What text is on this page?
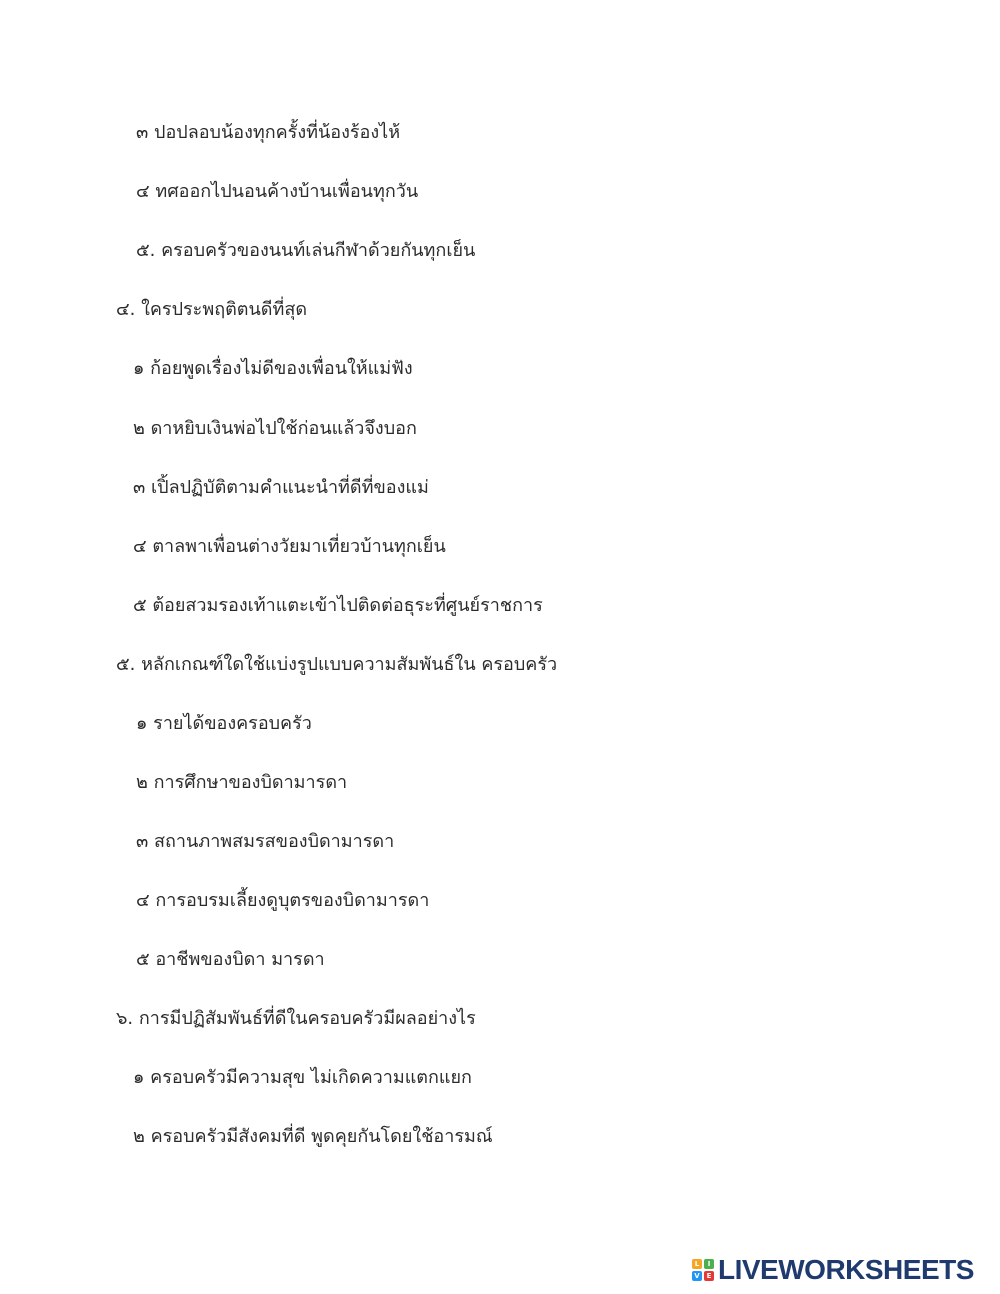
๓ ปอปลอบน้องทุกครั้งที่น้องร้องไห้
๔ ทศออกไปนอนค้างบ้านเพื่อนทุกวัน
๕. ครอบครัวของนนท์เล่นกีฬาด้วยกันทุกเย็น
๔. ใครประพฤติตนดีที่สุด
๑ ก้อยพูดเรื่องไม่ดีของเพื่อนให้แม่ฟัง
๒ ดาหยิบเงินพ่อไปใช้ก่อนแล้วจึงบอก
๓ เปิ้ลปฏิบัติตามคำแนะนำที่ดีที่ของแม่
๔ ตาลพาเพื่อนต่างวัยมาเที่ยวบ้านทุกเย็น
๕ ต้อยสวมรองเท้าแตะเข้าไปติดต่อธุระที่ศูนย์ราชการ
๕. หลักเกณฑ์ใดใช้แบ่งรูปแบบความสัมพันธ์ใน ครอบครัว
๑ รายได้ของครอบครัว
๒ การศึกษาของบิดามารดา
๓ สถานภาพสมรสของบิดามารดา
๔ การอบรมเลี้ยงดูบุตรของบิดามารดา
๕ อาชีพของบิดา มารดา
๖. การมีปฏิสัมพันธ์ที่ดีในครอบครัวมีผลอย่างไร
๑ ครอบครัวมีความสุข ไม่เกิดความแตกแยก
๒ ครอบครัวมีสังคมที่ดี พูดคุยกันโดยใช้อารมณ์
L	I
V E LIVEWORKSHEETS
